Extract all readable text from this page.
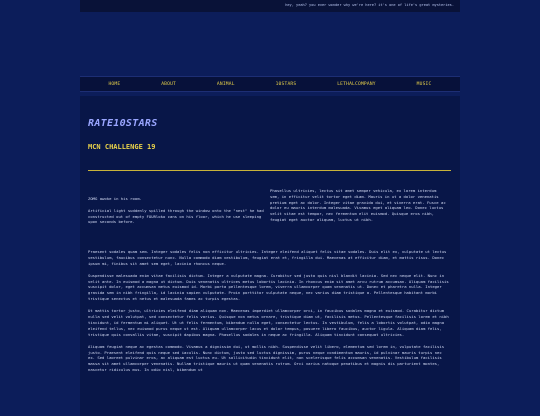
hey, yeah? you ever wonder why we're here? it's one of life's great mysteries.
HOME	ABOUT	ANIMAL	10STARS	LETHALCOMPANY	MUSIC
RATE10STARS
MCN CHALLENGE 19

ZOMG awoke in his room.

Artificial light suddenly spilled through the window onto the "nest" he had constructed out of empty FOURloko cans on his floor, which he use sleeping upon seconds before.

Phasellus ultricies, lectus sit amet semper vehicula, ex lorem interdum sem, in efficitur velit tortor eget diam. Mauris in ut a dolor venenatis pretium eget ac dolor. Integer vitae gravida dui, et viverra erat. Fusce ac dolor eu mauris interdum malesuada. Vivamus eget aliquam leo. Donec luctus velit vitae est tempor, nec fermentum elit euismod. Quisque eros nibh, feugiat eget auctor aliquam, luctus ut nibh.

Praesent sodales quam sem. Integer sodales felis non efficitur ultricies. Integer eleifend aliquet felis vitae sodales. Duis elit ex, vulputate ut lectus vestibulum, faucibus consectetur nunc. Nulla commodo diam vestibulum, feugiat erat et, fringilla dui. Maecenas at efficitur diam, et mattis risus. Donec ipsum mi, finibus sit amet sem eget, lacinia rhoncus neque.

Suspendisse malesuada enim vitae facilisis dictum. Integer a vulputate magna. Curabitur sed justo quis nisl blandit lacinia. Sed nec neque elit. Nunc in velit ante. In euismod a magna ut dictum. Duis venenatis ultrices metus lobortis lacinia. In rhoncus enim sit amet arcu rutrum accumsan. Aliquam facilisis suscipit dolor, eget accumsan metus euismod id. Morbi porta pellentesque lorem, viverra ullamcorper quam venenatis ut. Donec et pharetra nulla. Integer gravida sem in nibh fringilla, id lacinia sapien vulputate. Proin porttitor vulputate neque, nec varius diam tristique a. Pellentesque habitant morbi tristique senectus et netus et malesuada fames ac turpis egestas.

Ut mattis tortor justo, ultricies eleifend diam aliquam non. Maecenas imperdiet ullamcorper orci, in faucibus sodales magna et euismod. Curabitur dictum nulla sed velit volutpat, sed consectetur felis varius. Quisque non metus ornare, tristique diam ut, facilisis metus. Pellentesque facilisis lorem et nibh tincidunt, id fermentum mi aliquet. Ut ut felis fermentum, bibendum nulla eget, consectetur lectus. In vestibulum, felis a lobortis volutpat, odio magna eleifend tellus, nec euismod purus neque ut est. Aliquam ullamcorper lacus et dolor tempus, posuere libero faucibus, auctor ligula. Aliquam diam felis, tristique quis convallis vitae, suscipit dapibus magna. Phasellus sodales in neque ac fringilla. Aliquam tincidunt consequat ultricies.

Aliquam feugiat neque ac egestas commodo. Vivamus a dignissim dui, ut mollis nibh. Suspendisse velit libero, elementum sed lorem in, vulputate facilisis justo. Praesent eleifend quis neque sed iaculis. Nunc dictum, justo sed luctus dignissim, purus neque condimentum mauris, id pulvinar mauris turpis nec ex. Sed laoreet pulvinar eros, ac aliquam est luctus eu. Ut sollicitudin tincidunt elit, non scelerisque felis accumsan venenatis. Vestibulum facilisis massa sit amet ullamcorper venenatis. Nullam tristique mauris ut quam venenatis rutrum. Orci varius natoque penatibus et magnis dis parturient montes, nascetur ridiculus mus. In odio nisl, bibendum ut
